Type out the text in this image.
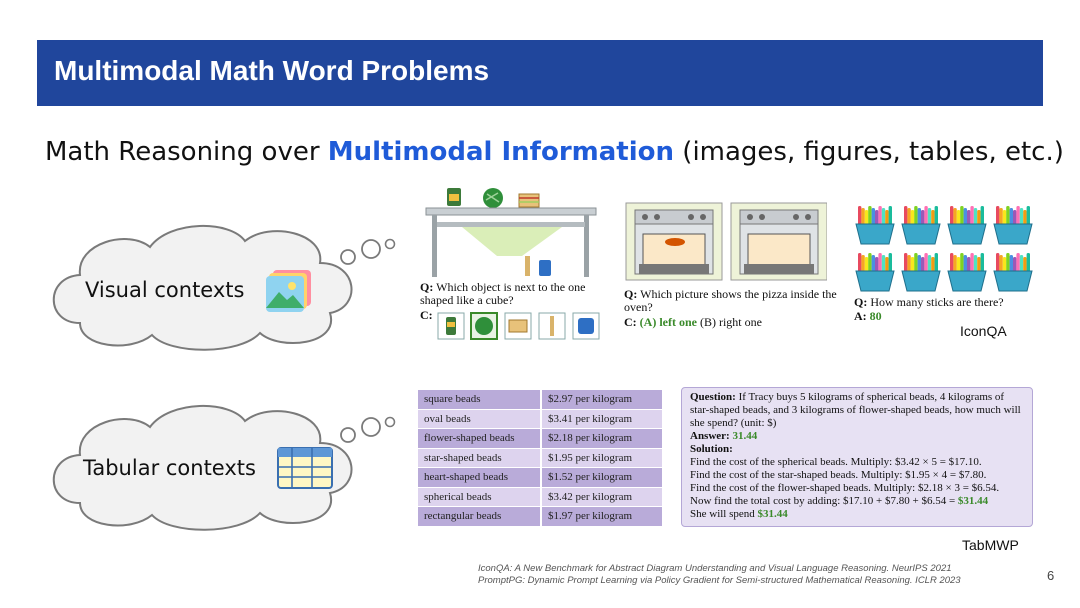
Multimodal Math Word Problems
Math Reasoning over Multimodal Information (images, figures, tables, etc.)
Visual contexts
Tabular contexts
Q: Which object is next to the one shaped like a cube?
C:
Q: Which picture shows the pizza inside the oven?
C: (A) left one (B) right one
Q: How many sticks are there?
A: 80
IconQA
square beads	$2.97 per kilogram
oval beads	$3.41 per kilogram
flower-shaped beads	$2.18 per kilogram
star-shaped beads	$1.95 per kilogram
heart-shaped beads	$1.52 per kilogram
spherical beads	$3.42 per kilogram
rectangular beads	$1.97 per kilogram
Question: If Tracy buys 5 kilograms of spherical beads, 4 kilograms of star-shaped beads, and 3 kilograms of flower-shaped beads, how much will she spend? (unit: $)
Answer: 31.44
Solution:
Find the cost of the spherical beads. Multiply: $3.42 × 5 = $17.10.
Find the cost of the star-shaped beads. Multiply: $1.95 × 4 = $7.80.
Find the cost of the flower-shaped beads. Multiply: $2.18 × 3 = $6.54.
Now find the total cost by adding: $17.10 + $7.80 + $6.54 = $31.44
She will spend $31.44
TabMWP
IconQA: A New Benchmark for Abstract Diagram Understanding and Visual Language Reasoning. NeurIPS 2021
PromptPG: Dynamic Prompt Learning via Policy Gradient for Semi-structured Mathematical Reasoning. ICLR 2023	6
